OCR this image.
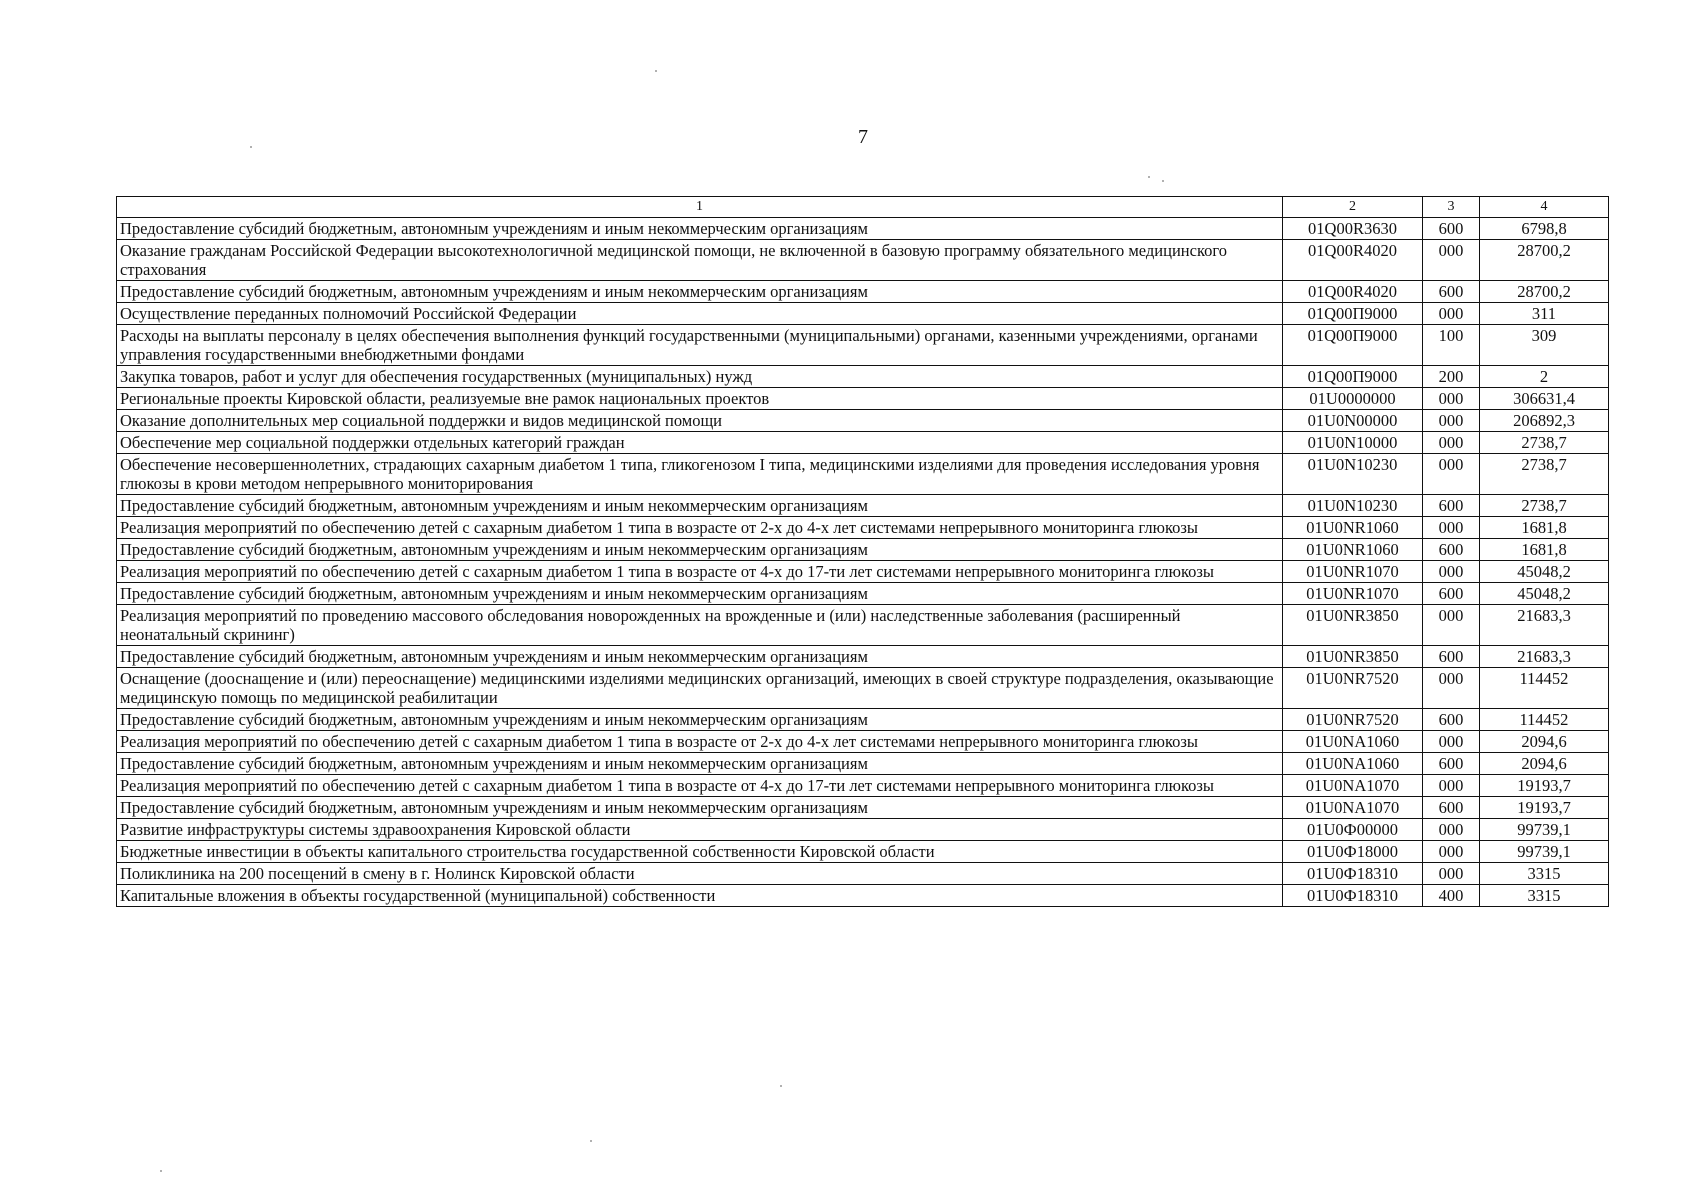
7
1	2	3	4
Предоставление субсидий бюджетным, автономным учреждениям и иным некоммерческим организациям	01Q00R3630	600	6798,8
Оказание гражданам Российской Федерации высокотехнологичной медицинской помощи, не включенной в базовую программу обязательного медицинского страхования	01Q00R4020	000	28700,2
Предоставление субсидий бюджетным, автономным учреждениям и иным некоммерческим организациям	01Q00R4020	600	28700,2
Осуществление переданных полномочий Российской Федерации	01Q00П9000	000	311
Расходы на выплаты персоналу в целях обеспечения выполнения функций государственными (муниципальными) органами, казенными учреждениями, органами управления государственными внебюджетными фондами	01Q00П9000	100	309
Закупка товаров, работ и услуг для обеспечения государственных (муниципальных) нужд	01Q00П9000	200	2
Региональные проекты Кировской области, реализуемые вне рамок национальных проектов	01U0000000	000	306631,4
Оказание дополнительных мер социальной поддержки и видов медицинской помощи	01U0N00000	000	206892,3
Обеспечение мер социальной поддержки отдельных категорий граждан	01U0N10000	000	2738,7
Обеспечение несовершеннолетних, страдающих сахарным диабетом 1 типа, гликогенозом I типа, медицинскими изделиями для проведения исследования уровня глюкозы в крови методом непрерывного мониторирования	01U0N10230	000	2738,7
Предоставление субсидий бюджетным, автономным учреждениям и иным некоммерческим организациям	01U0N10230	600	2738,7
Реализация мероприятий по обеспечению детей с сахарным диабетом 1 типа в возрасте от 2-х до 4-х лет системами непрерывного мониторинга глюкозы	01U0NR1060	000	1681,8
Предоставление субсидий бюджетным, автономным учреждениям и иным некоммерческим организациям	01U0NR1060	600	1681,8
Реализация мероприятий по обеспечению детей с сахарным диабетом 1 типа в возрасте от 4-х до 17-ти лет системами непрерывного мониторинга глюкозы	01U0NR1070	000	45048,2
Предоставление субсидий бюджетным, автономным учреждениям и иным некоммерческим организациям	01U0NR1070	600	45048,2
Реализация мероприятий по проведению массового обследования новорожденных на врожденные и (или) наследственные заболевания (расширенный неонатальный скрининг)	01U0NR3850	000	21683,3
Предоставление субсидий бюджетным, автономным учреждениям и иным некоммерческим организациям	01U0NR3850	600	21683,3
Оснащение (дооснащение и (или) переоснащение) медицинскими изделиями медицинских организаций, имеющих в своей структуре подразделения, оказывающие медицинскую помощь по медицинской реабилитации	01U0NR7520	000	114452
Предоставление субсидий бюджетным, автономным учреждениям и иным некоммерческим организациям	01U0NR7520	600	114452
Реализация мероприятий по обеспечению детей с сахарным диабетом 1 типа в возрасте от 2-х до 4-х лет системами непрерывного мониторинга глюкозы	01U0NA1060	000	2094,6
Предоставление субсидий бюджетным, автономным учреждениям и иным некоммерческим организациям	01U0NA1060	600	2094,6
Реализация мероприятий по обеспечению детей с сахарным диабетом 1 типа в возрасте от 4-х до 17-ти лет системами непрерывного мониторинга глюкозы	01U0NA1070	000	19193,7
Предоставление субсидий бюджетным, автономным учреждениям и иным некоммерческим организациям	01U0NA1070	600	19193,7
Развитие инфраструктуры системы здравоохранения Кировской области	01U0Ф00000	000	99739,1
Бюджетные инвестиции в объекты капитального строительства государственной собственности Кировской области	01U0Ф18000	000	99739,1
Поликлиника на 200 посещений в смену в г. Нолинск Кировской области	01U0Ф18310	000	3315
Капитальные вложения в объекты государственной (муниципальной) собственности	01U0Ф18310	400	3315
